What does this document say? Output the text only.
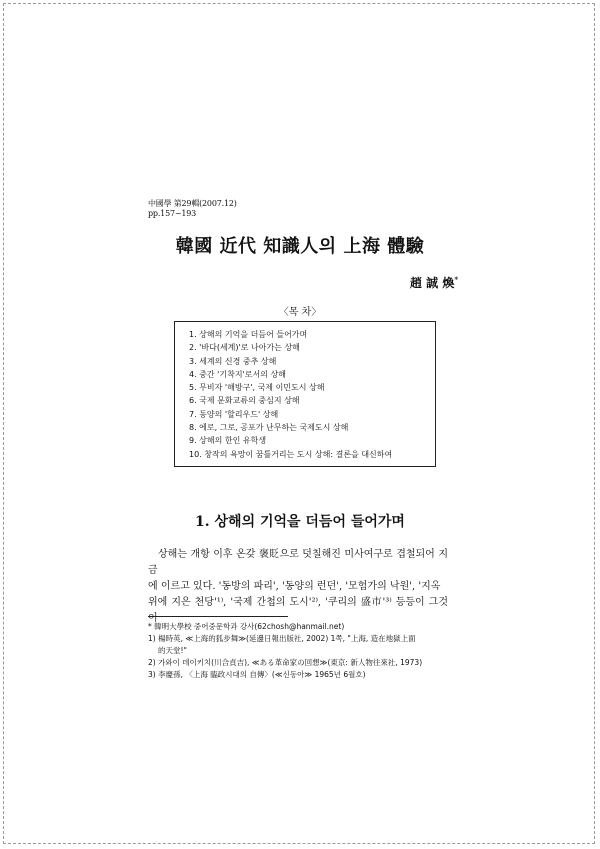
中國學 第29輯(2007.12)
pp.157~193
韓國 近代 知識人의 上海 體驗
趙 誠 煥*
〈목 차〉
1. 상해의 기억을 더듬어 들어가며
2. '바다(세계)'로 나아가는 상해
3. 세계의 신경 중추 상해
4. 중간 '기착지'로서의 상해
5. 무비자 '해방구', 국제 이민도시 상해
6. 국제 문화교류의 중심지 상해
7. 동양의 '할리우드' 상해
8. 에로, 그로, 공포가 난무하는 국제도시 상해
9. 상해의 한인 유학생
10. 창작의 욕망이 꿈틀거리는 도시 상해: 결론을 대신하여
1. 상해의 기억을 더듬어 들어가며
상해는 개항 이후 온갖 褒貶으로 덧칠해진 미사여구로 겹철되어 지금
에 이르고 있다. '동방의 파리', '동양의 런던', '모험가의 낙원', '지옥
위에 지은 천당'¹⁾, '국제 간첩의 도시'²⁾, '쿠리의 盛市'³⁾ 등등이 그것이
* 韓明大學校 중어중문학과 강사(62chosh@hanmail.net)
1) 楊時英, ≪上海的狐步舞≫(延邊日報出版社, 2002) 1쪽, "上海, 造在地獄上面
的天堂!"
2) 가와이 데이키치(川合貞吉), ≪ある革命家の回想≫(東京: 新人物往來社, 1973)
3) 李慶孫, 〈上海 臨政시대의 自傳〉(≪신동아≫ 1965년 6월호)
